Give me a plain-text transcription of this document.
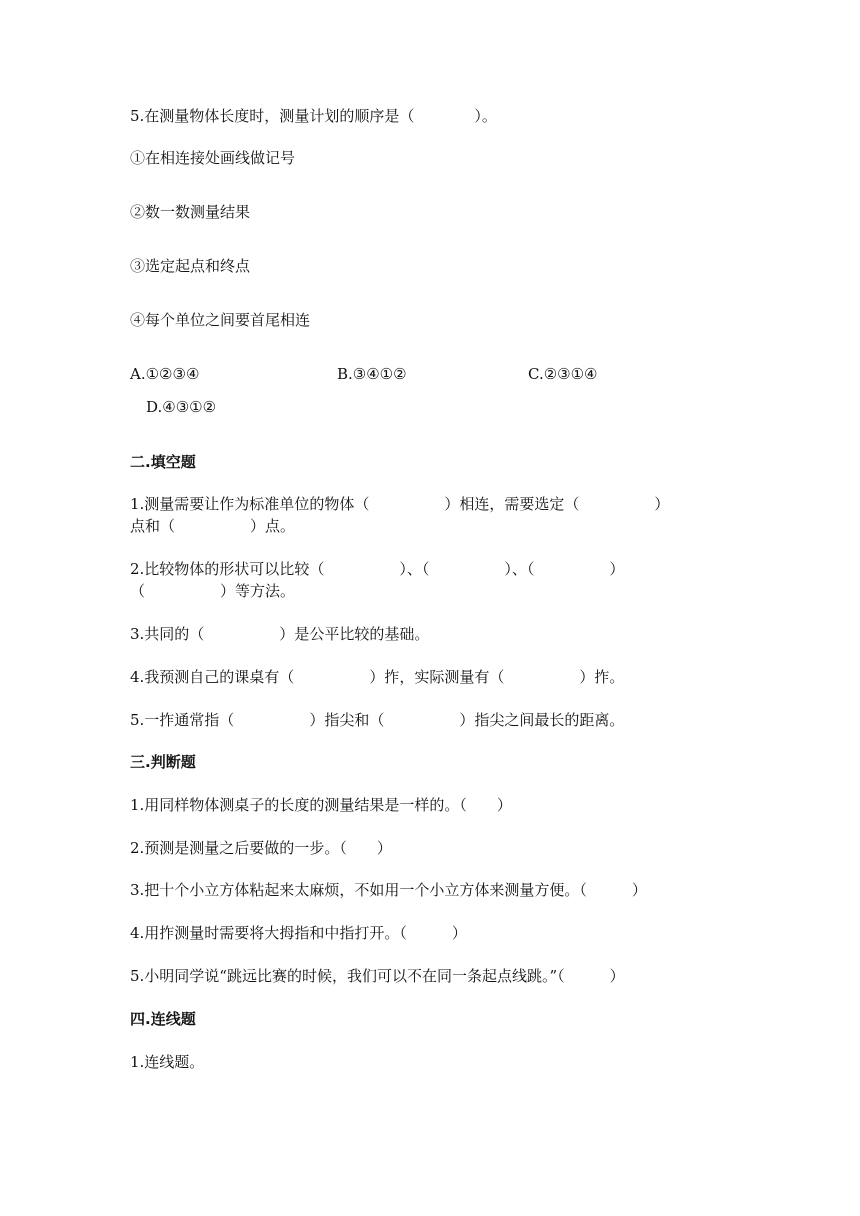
5.在测量物体长度时，测量计划的顺序是（　　　　）。
①在相连接处画线做记号
②数一数测量结果
③选定起点和终点
④每个单位之间要首尾相连
A.①②③④	B.③④①②	C.②③①④
D.④③①②
二.填空题
1.测量需要让作为标准单位的物体（　　　　　）相连，需要选定（　　　　　）
点和（　　　　　）点。
2.比较物体的形状可以比较（　　　　　）、（　　　　　）、（　　　　　）
（　　　　　）等方法。
3.共同的（　　　　　）是公平比较的基础。
4.我预测自己的课桌有（　　　　　）拃，实际测量有（　　　　　）拃。
5.一拃通常指（　　　　　）指尖和（　　　　　）指尖之间最长的距离。
三.判断题
1.用同样物体测桌子的长度的测量结果是一样的。（　　）
2.预测是测量之后要做的一步。（　　）
3.把十个小立方体粘起来太麻烦，不如用一个小立方体来测量方便。（　　　）
4.用拃测量时需要将大拇指和中指打开。（　　　）
5.小明同学说“跳远比赛的时候，我们可以不在同一条起点线跳。”（　　　）
四.连线题
1.连线题。
